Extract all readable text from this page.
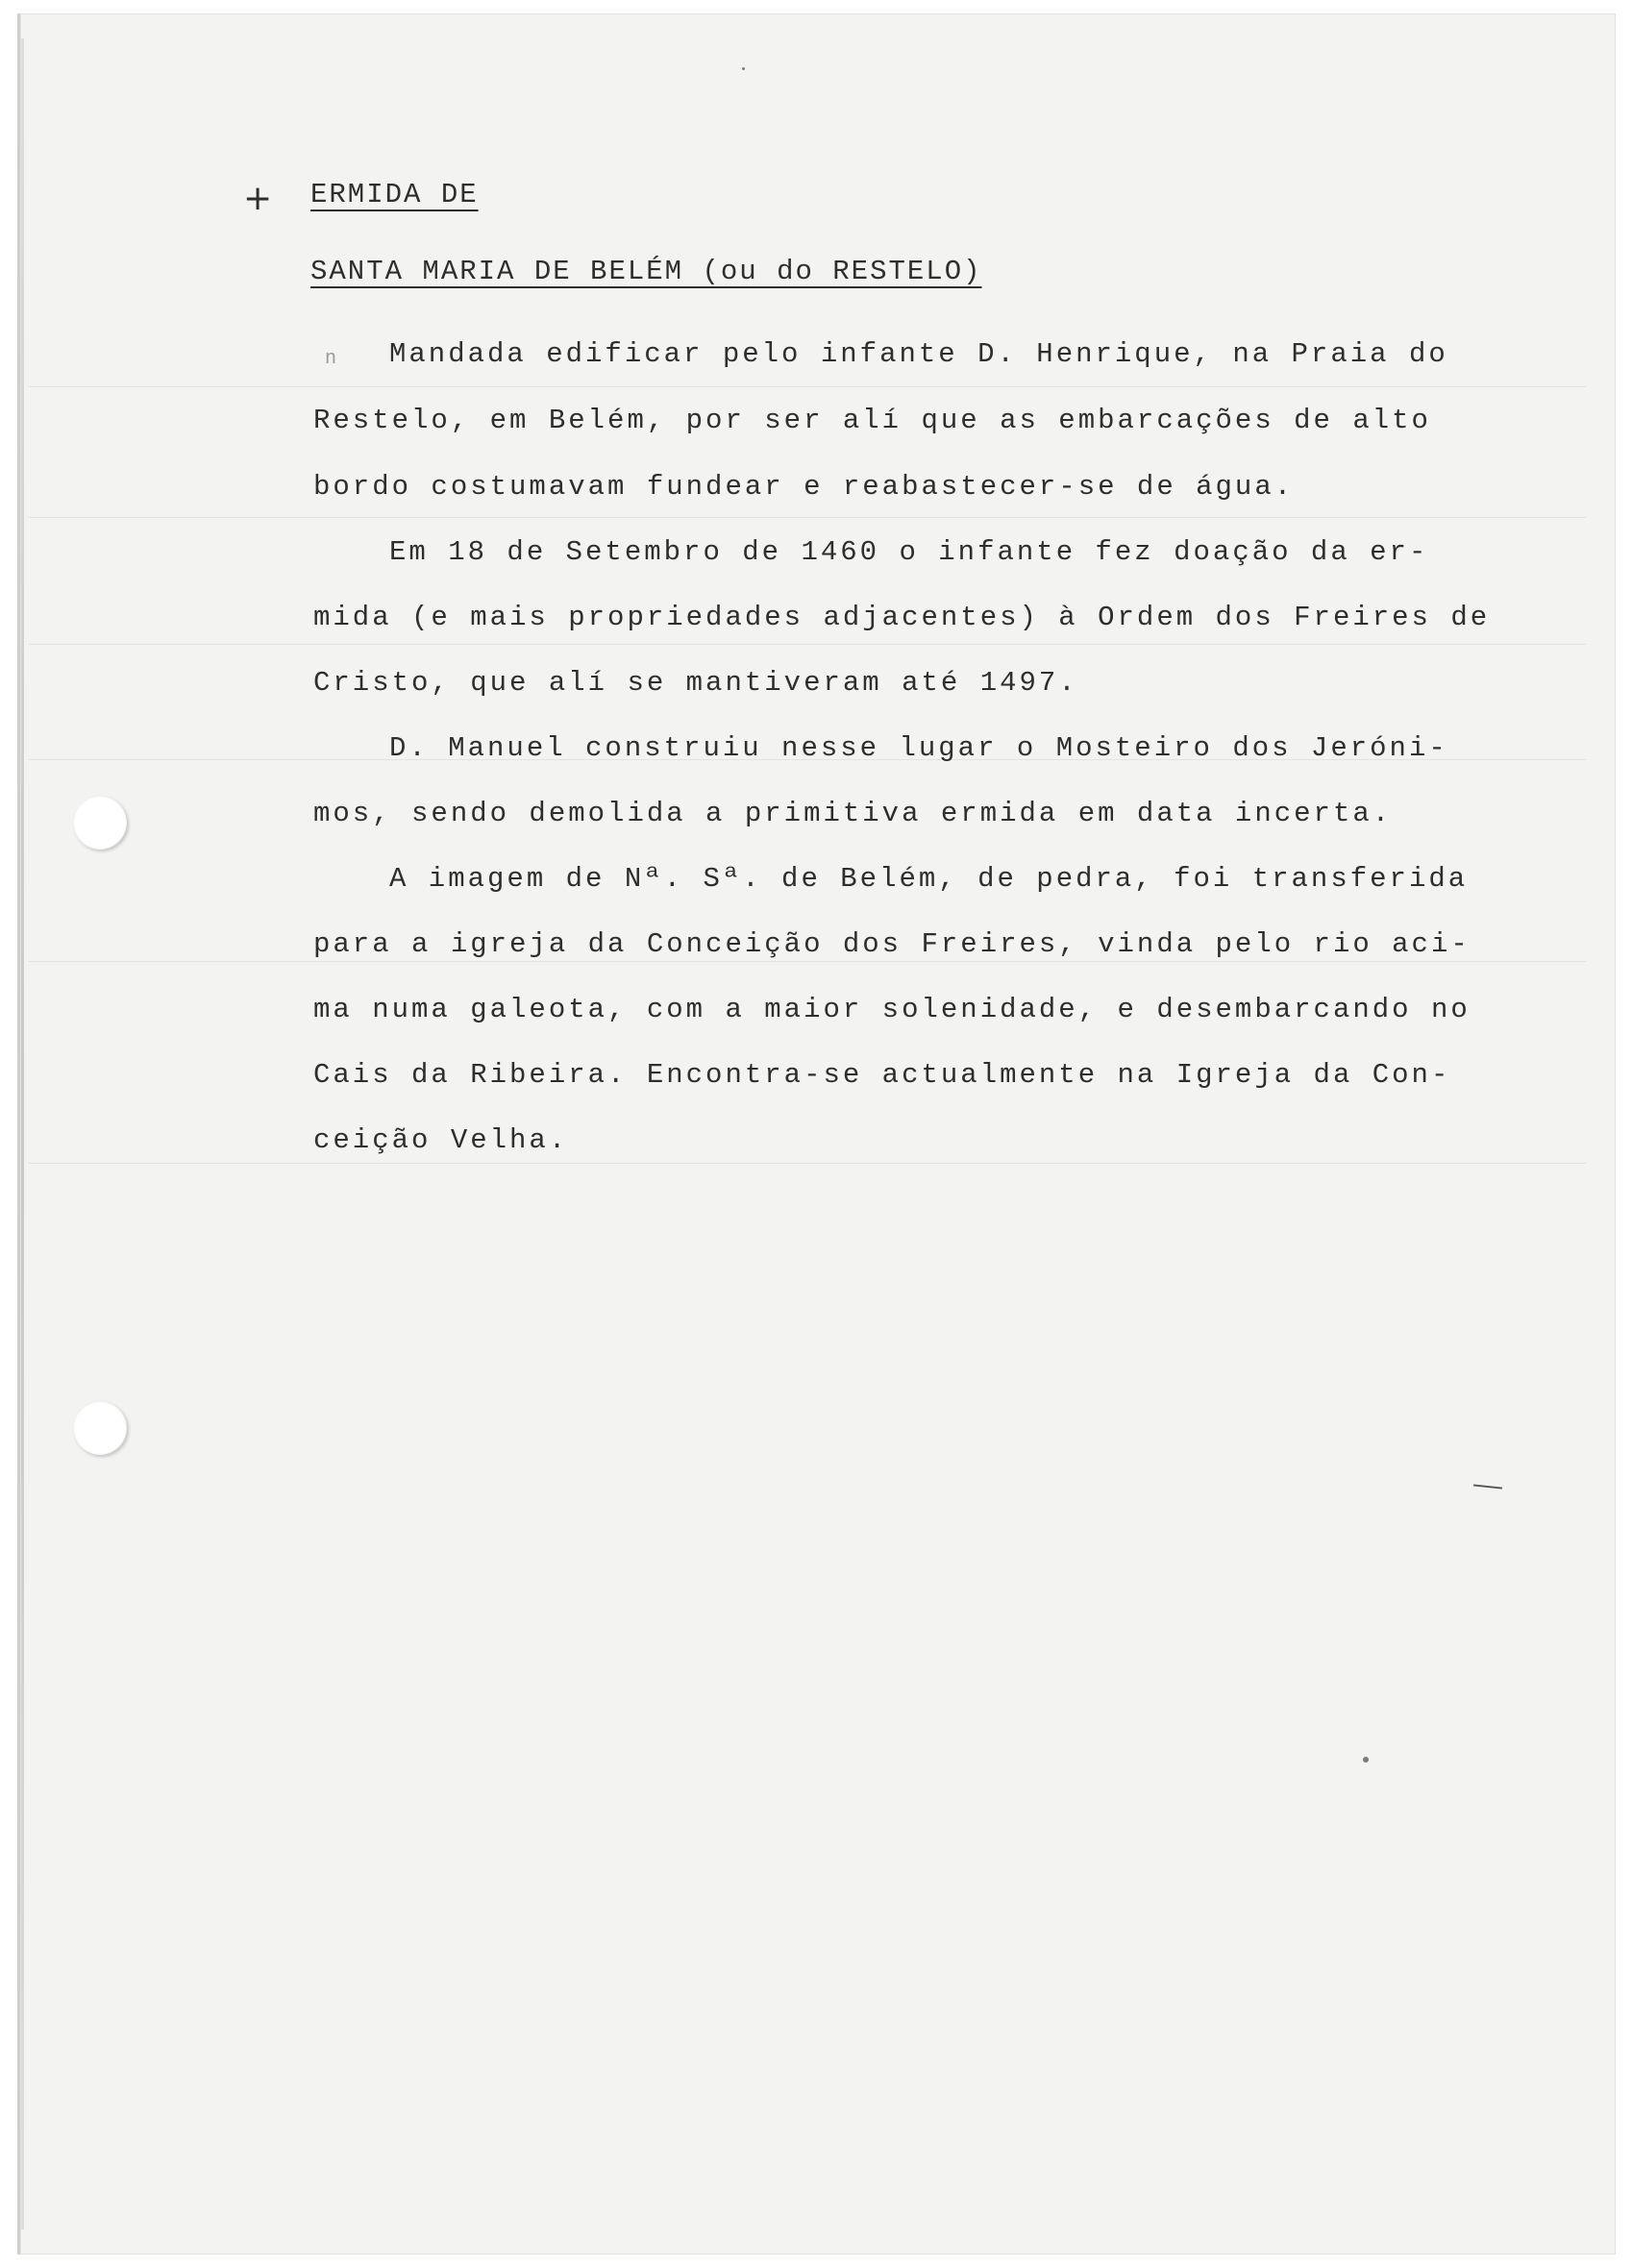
+
n
ERMIDA DE
SANTA MARIA DE BELÉM (ou do RESTELO)
Mandada edificar pelo infante D. Henrique, na Praia do
Restelo, em Belém, por ser alí que as embarcações de alto
bordo costumavam fundear e reabastecer-se de água.
Em 18 de Setembro de 1460 o infante fez doação da er-
mida (e mais propriedades adjacentes) à Ordem dos Freires de
Cristo, que alí se mantiveram até 1497.
D. Manuel construiu nesse lugar o Mosteiro dos Jeróni-
mos, sendo demolida a primitiva ermida em data incerta.
A imagem de Nª. Sª. de Belém, de pedra, foi transferida
para a igreja da Conceição dos Freires, vinda pelo rio aci-
ma numa galeota, com a maior solenidade, e desembarcando no
Cais da Ribeira. Encontra-se actualmente na Igreja da Con-
ceição Velha.
